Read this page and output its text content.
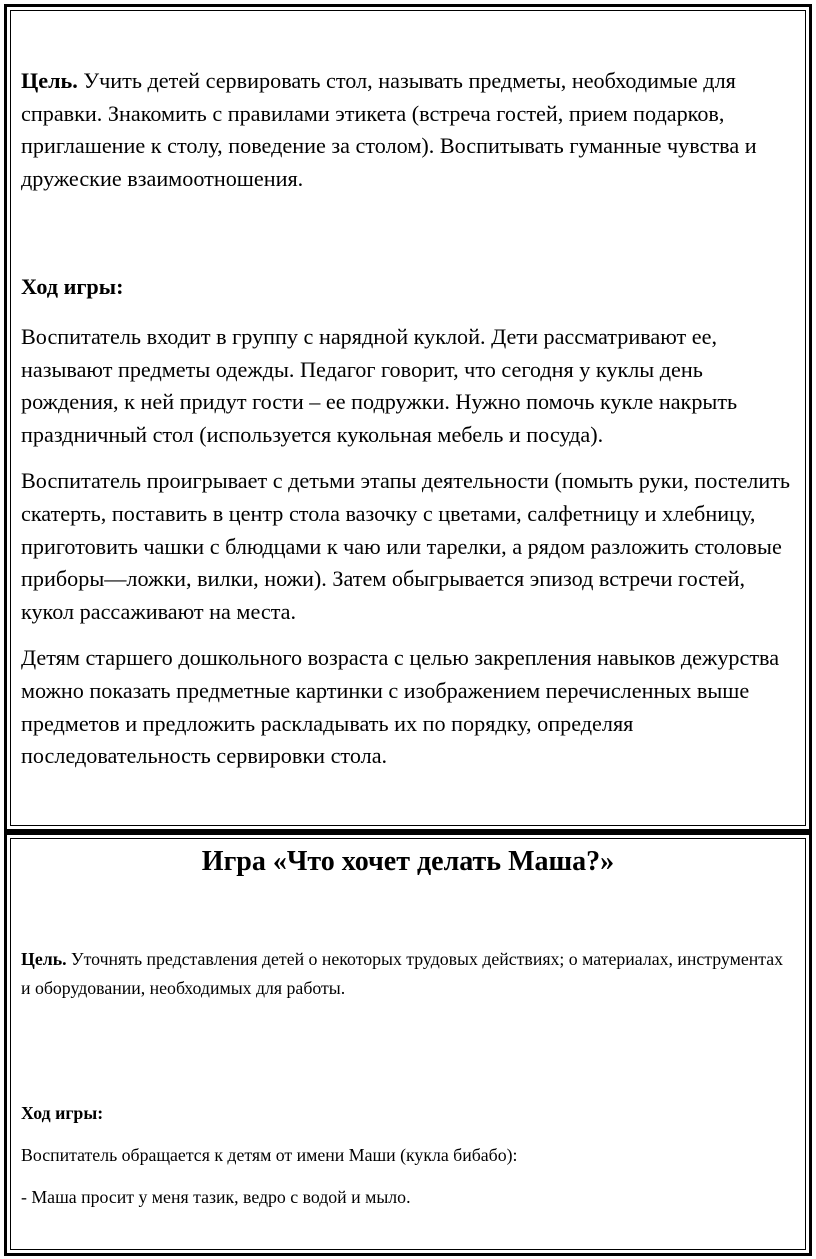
Цель. Учить детей сервировать стол, называть предметы, необходимые для справки. Знакомить с правилами этикета (встреча гостей, прием подарков, приглашение к столу, поведение за столом). Воспитывать гуманные чувства и дружеские взаимоотношения.

Ход игры:

Воспитатель входит в группу с нарядной куклой. Дети рассматривают ее, называют предметы одежды. Педагог говорит, что сегодня у куклы день рождения, к ней придут гости – ее подружки. Нужно помочь кукле накрыть праздничный стол (используется кукольная мебель и посуда).

Воспитатель проигрывает с детьми этапы деятельности (помыть руки, постелить скатерть, поставить в центр стола вазочку с цветами, салфетницу и хлебницу, приготовить чашки с блюдцами к чаю или тарелки, а рядом разложить столовые приборы—ложки, вилки, ножи). Затем обыгрывается эпизод встречи гостей, кукол рассаживают на места.

Детям старшего дошкольного возраста с целью закрепления навыков дежурства можно показать предметные картинки с изображением перечисленных выше предметов и предложить раскладывать их по порядку, определяя последовательность сервировки стола.

Игра «Что хочет делать Маша?»

Цель. Уточнять представления детей о некоторых трудовых действиях; о материалах, инструментах и оборудовании, необходимых для работы.

Ход игры:

Воспитатель обращается к детям от имени Маши (кукла бибабо):

- Маша просит у меня тазик, ведро с водой и мыло.
